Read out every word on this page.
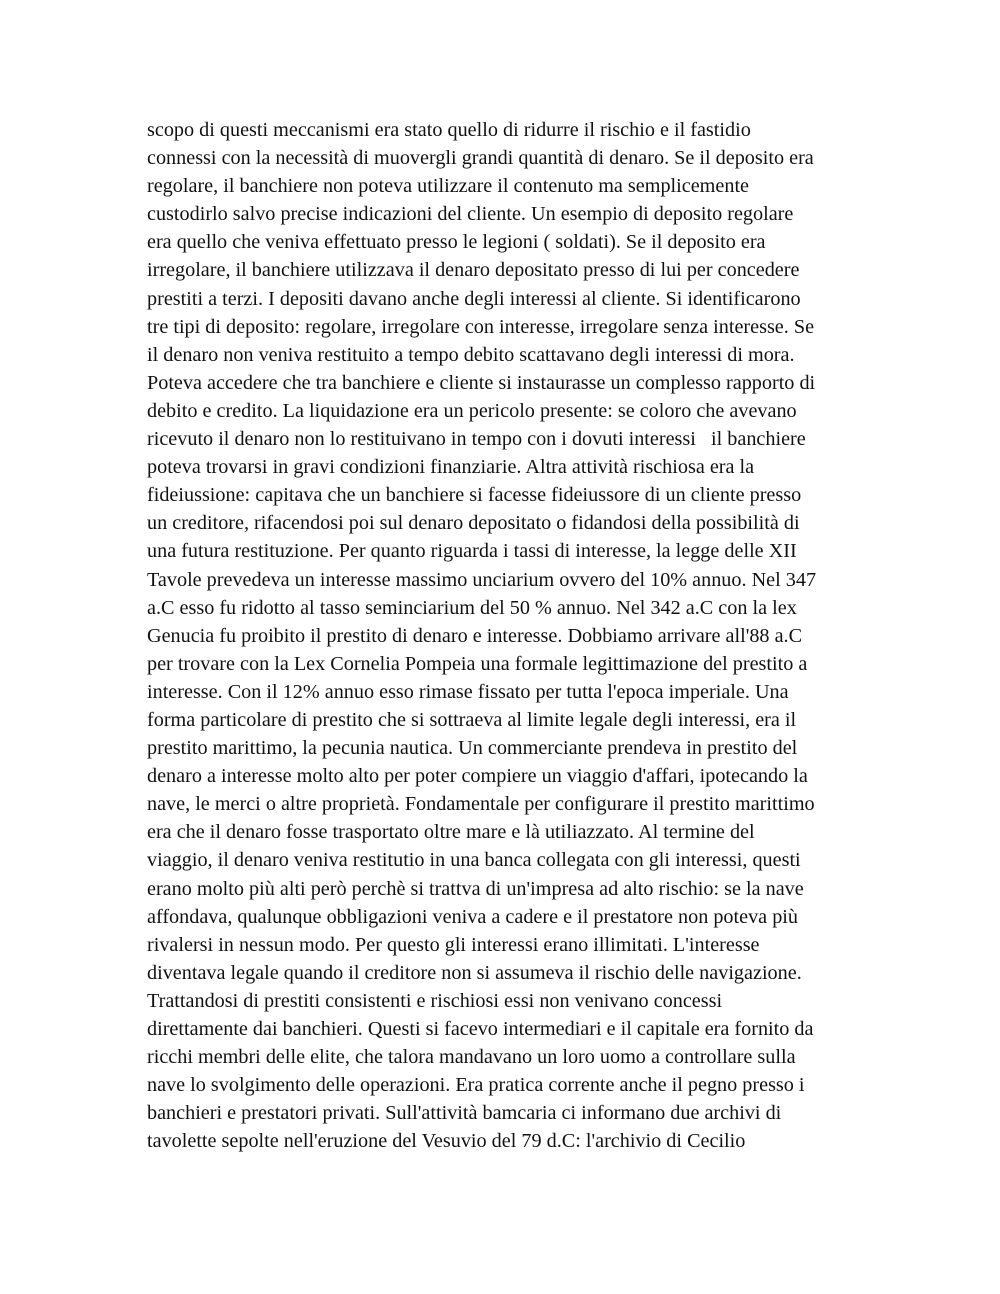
scopo di questi meccanismi era stato quello di ridurre il rischio e il fastidio
connessi con la necessità di muovergli grandi quantità di denaro. Se il deposito era
regolare, il banchiere non poteva utilizzare il contenuto ma semplicemente
custodirlo salvo precise indicazioni del cliente. Un esempio di deposito regolare
era quello che veniva effettuato presso le legioni ( soldati). Se il deposito era
irregolare, il banchiere utilizzava il denaro depositato presso di lui per concedere
prestiti a terzi. I depositi davano anche degli interessi al cliente. Si identificarono
tre tipi di deposito: regolare, irregolare con interesse, irregolare senza interesse. Se
il denaro non veniva restituito a tempo debito scattavano degli interessi di mora.
Poteva accedere che tra banchiere e cliente si instaurasse un complesso rapporto di
debito e credito. La liquidazione era un pericolo presente: se coloro che avevano
ricevuto il denaro non lo restituivano in tempo con i dovuti interessi   il banchiere
poteva trovarsi in gravi condizioni finanziarie. Altra attività rischiosa era la
fideiussione: capitava che un banchiere si facesse fideiussore di un cliente presso
un creditore, rifacendosi poi sul denaro depositato o fidandosi della possibilità di
una futura restituzione. Per quanto riguarda i tassi di interesse, la legge delle XII
Tavole prevedeva un interesse massimo unciarium ovvero del 10% annuo. Nel 347
a.C esso fu ridotto al tasso seminciarium del 50 % annuo. Nel 342 a.C con la lex
Genucia fu proibito il prestito di denaro e interesse. Dobbiamo arrivare all'88 a.C
per trovare con la Lex Cornelia Pompeia una formale legittimazione del prestito a
interesse. Con il 12% annuo esso rimase fissato per tutta l'epoca imperiale. Una
forma particolare di prestito che si sottraeva al limite legale degli interessi, era il
prestito marittimo, la pecunia nautica. Un commerciante prendeva in prestito del
denaro a interesse molto alto per poter compiere un viaggio d'affari, ipotecando la
nave, le merci o altre proprietà. Fondamentale per configurare il prestito marittimo
era che il denaro fosse trasportato oltre mare e là utiliazzato. Al termine del
viaggio, il denaro veniva restitutio in una banca collegata con gli interessi, questi
erano molto più alti però perchè si trattva di un'impresa ad alto rischio: se la nave
affondava, qualunque obbligazioni veniva a cadere e il prestatore non poteva più
rivalersi in nessun modo. Per questo gli interessi erano illimitati. L'interesse
diventava legale quando il creditore non si assumeva il rischio delle navigazione.
Trattandosi di prestiti consistenti e rischiosi essi non venivano concessi
direttamente dai banchieri. Questi si facevo intermediari e il capitale era fornito da
ricchi membri delle elite, che talora mandavano un loro uomo a controllare sulla
nave lo svolgimento delle operazioni. Era pratica corrente anche il pegno presso i
banchieri e prestatori privati. Sull'attività bamcaria ci informano due archivi di
tavolette sepolte nell'eruzione del Vesuvio del 79 d.C: l'archivio di Cecilio
